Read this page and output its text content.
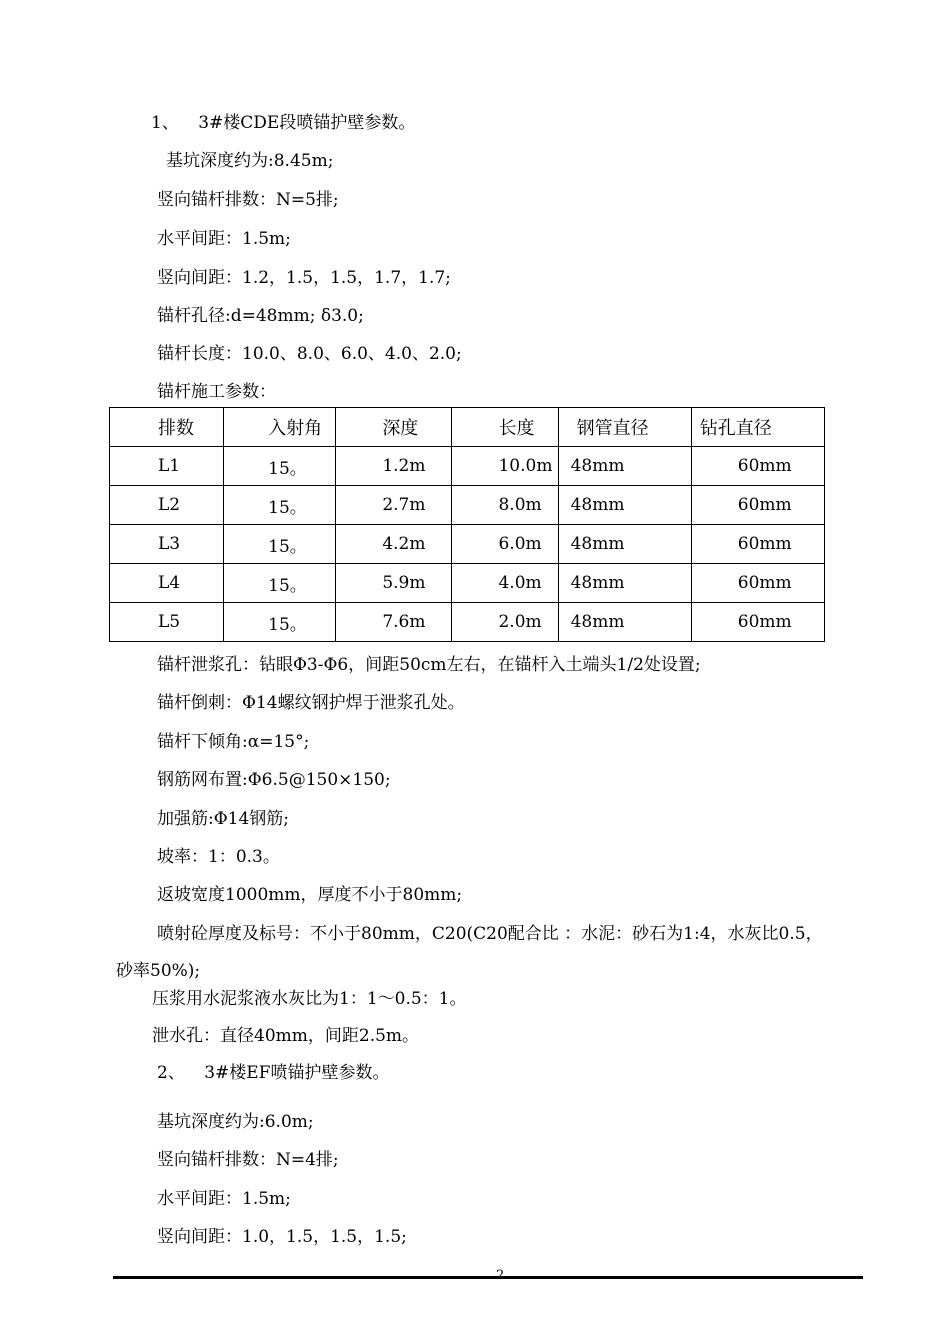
1、 3#楼CDE段喷锚护壁参数。
基坑深度约为:8.45m;
竖向锚杆排数：N=5排;
水平间距：1.5m;
竖向间距：1.2，1.5，1.5，1.7，1.7;
锚杆孔径:d=48mm; δ3.0;
锚杆长度：10.0、8.0、6.0、4.0、2.0;
锚杆施工参数：
排数	入射角	深度	长度	钢管直径	钻孔直径
L1	15。	1.2m	10.0m	48mm	60mm
L2	15。	2.7m	8.0m	48mm	60mm
L3	15。	4.2m	6.0m	48mm	60mm
L4	15。	5.9m	4.0m	48mm	60mm
L5	15。	7.6m	2.0m	48mm	60mm
锚杆泄浆孔：钻眼Φ3-Φ6，间距50cm左右，在锚杆入土端头1/2处设置;
锚杆倒刺：Φ14螺纹钢护焊于泄浆孔处。
锚杆下倾角:α=15°;
钢筋网布置:Φ6.5@150×150;
加强筋:Φ14钢筋;
坡率：1：0.3。
返坡宽度1000mm，厚度不小于80mm;
喷射砼厚度及标号：不小于80mm，C20(C20配合比 ：水泥：砂石为1:4，水灰比0.5，
砂率50%);
压浆用水泥浆液水灰比为1：1～0.5：1。
泄水孔：直径40mm，间距2.5m。
2、 3#楼EF喷锚护壁参数。
基坑深度约为:6.0m;
竖向锚杆排数：N=4排;
水平间距：1.5m;
竖向间距：1.0，1.5，1.5，1.5;
2
